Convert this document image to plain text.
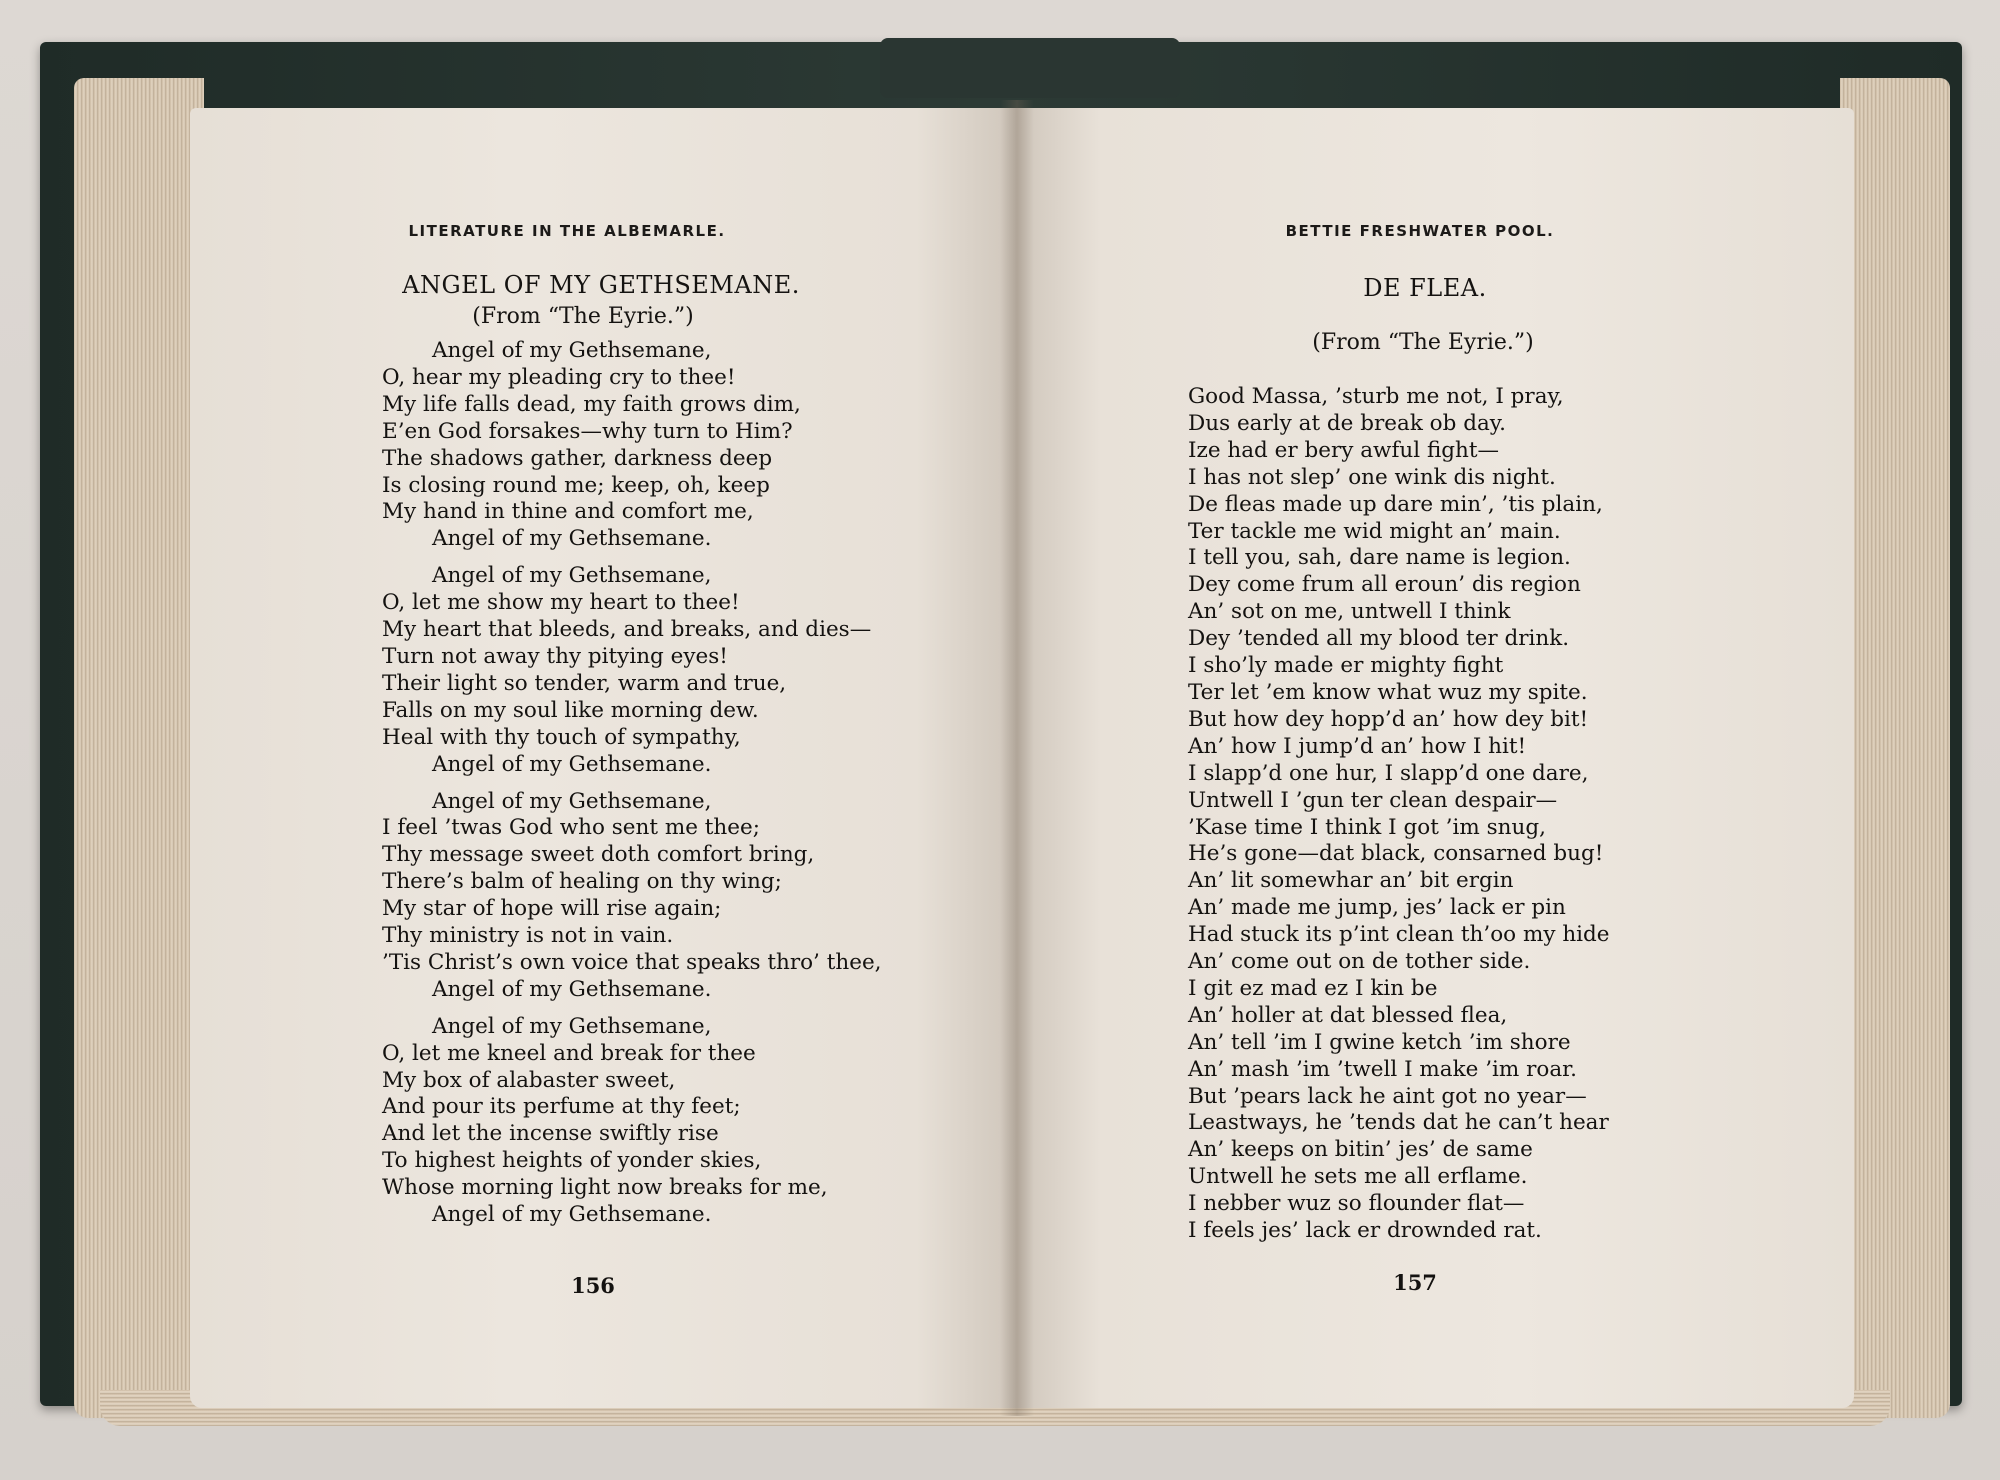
LITERATURE IN THE ALBEMARLE.
ANGEL OF MY GETHSEMANE.
(From “The Eyrie.”)
Angel of my Gethsemane,
O, hear my pleading cry to thee!
My life falls dead, my faith grows dim,
E’en God forsakes—why turn to Him?
The shadows gather, darkness deep
Is closing round me; keep, oh, keep
My hand in thine and comfort me,
Angel of my Gethsemane.
Angel of my Gethsemane,
O, let me show my heart to thee!
My heart that bleeds, and breaks, and dies—
Turn not away thy pitying eyes!
Their light so tender, warm and true,
Falls on my soul like morning dew.
Heal with thy touch of sympathy,
Angel of my Gethsemane.
Angel of my Gethsemane,
I feel ’twas God who sent me thee;
Thy message sweet doth comfort bring,
There’s balm of healing on thy wing;
My star of hope will rise again;
Thy ministry is not in vain.
’Tis Christ’s own voice that speaks thro’ thee,
Angel of my Gethsemane.
Angel of my Gethsemane,
O, let me kneel and break for thee
My box of alabaster sweet,
And pour its perfume at thy feet;
And let the incense swiftly rise
To highest heights of yonder skies,
Whose morning light now breaks for me,
Angel of my Gethsemane.
156
BETTIE FRESHWATER POOL.
DE FLEA.
(From “The Eyrie.”)
Good Massa, ’sturb me not, I pray,
Dus early at de break ob day.
Ize had er bery awful fight—
I has not slep’ one wink dis night.
De fleas made up dare min’, ’tis plain,
Ter tackle me wid might an’ main.
I tell you, sah, dare name is legion.
Dey come frum all eroun’ dis region
An’ sot on me, untwell I think
Dey ’tended all my blood ter drink.
I sho’ly made er mighty fight
Ter let ’em know what wuz my spite.
But how dey hopp’d an’ how dey bit!
An’ how I jump’d an’ how I hit!
I slapp’d one hur, I slapp’d one dare,
Untwell I ’gun ter clean despair—
’Kase time I think I got ’im snug,
He’s gone—dat black, consarned bug!
An’ lit somewhar an’ bit ergin
An’ made me jump, jes’ lack er pin
Had stuck its p’int clean th’oo my hide
An’ come out on de tother side.
I git ez mad ez I kin be
An’ holler at dat blessed flea,
An’ tell ’im I gwine ketch ’im shore
An’ mash ’im ’twell I make ’im roar.
But ’pears lack he aint got no year—
Leastways, he ’tends dat he can’t hear
An’ keeps on bitin’ jes’ de same
Untwell he sets me all erflame.
I nebber wuz so flounder flat—
I feels jes’ lack er drownded rat.
157
